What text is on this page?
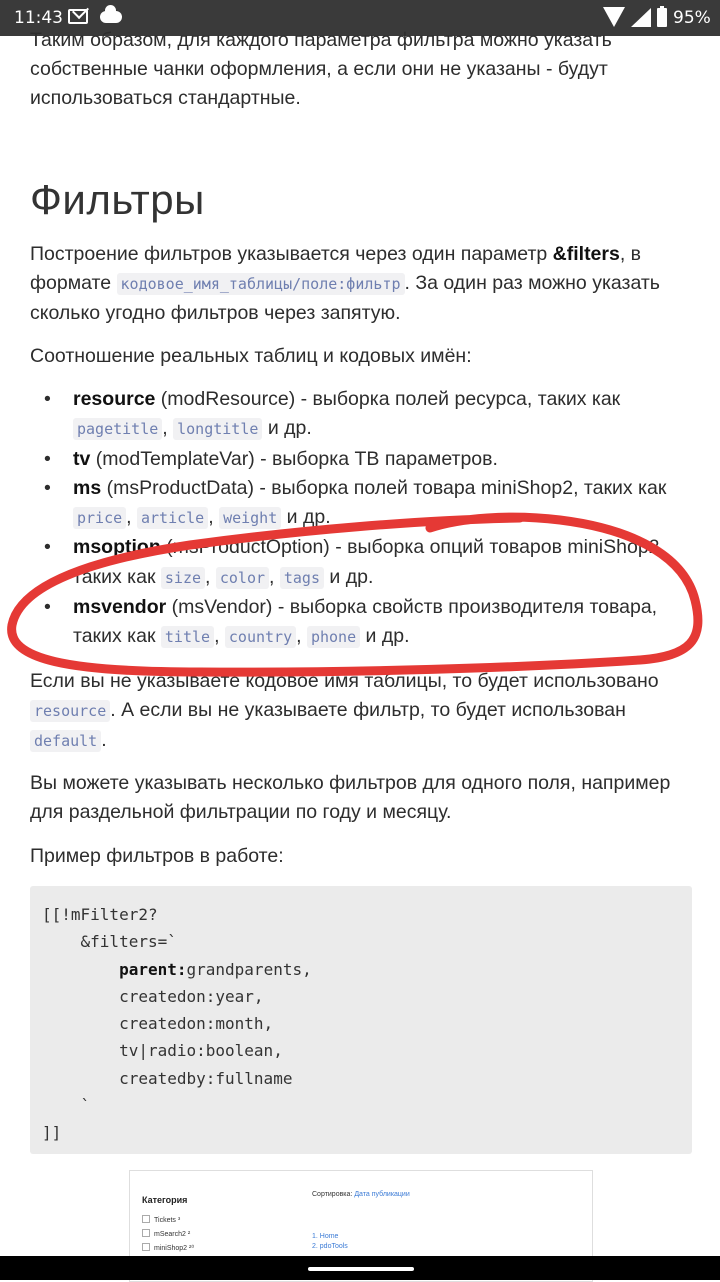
11:43	95%
Таким образом, для каждого параметра фильтра можно указать
собственные чанки оформления, а если они не указаны - будут
использоваться стандартные.
Фильтры

Построение фильтров указывается через один параметр &filters, в формате кодовое_имя_таблицы/поле:фильтр . За один раз можно указать сколько угодно фильтров через запятую.

Соотношение реальных таблиц и кодовых имён:

• resource (modResource) - выборка полей ресурса, таких как pagetitle , longtitle и др.
• tv (modTemplateVar) - выборка ТВ параметров.
• ms (msProductData) - выборка полей товара miniShop2, таких как price , article , weight и др.
• msoption (msProductOption) - выборка опций товаров miniShop2, таких как size , color , tags и др.
• msvendor (msVendor) - выборка свойств производителя товара, таких как title , country , phone и др.

Если вы не указываете кодовое имя таблицы, то будет использовано resource . А если вы не указываете фильтр, то будет использован default .

Вы можете указывать несколько фильтров для одного поля, например для раздельной фильтрации по году и месяцу.

Пример фильтров в работе:

[[!mFilter2?
&filters=`
parent:grandparents,
createdon:year,
createdon:month,
tv|radio:boolean,
createdby:fullname
`
]]
Категория
Tickets ³
mSearch2 ²
miniShop2 ²⁰
Сортировка: Дата публикации
1. Home
2. pdoTools
